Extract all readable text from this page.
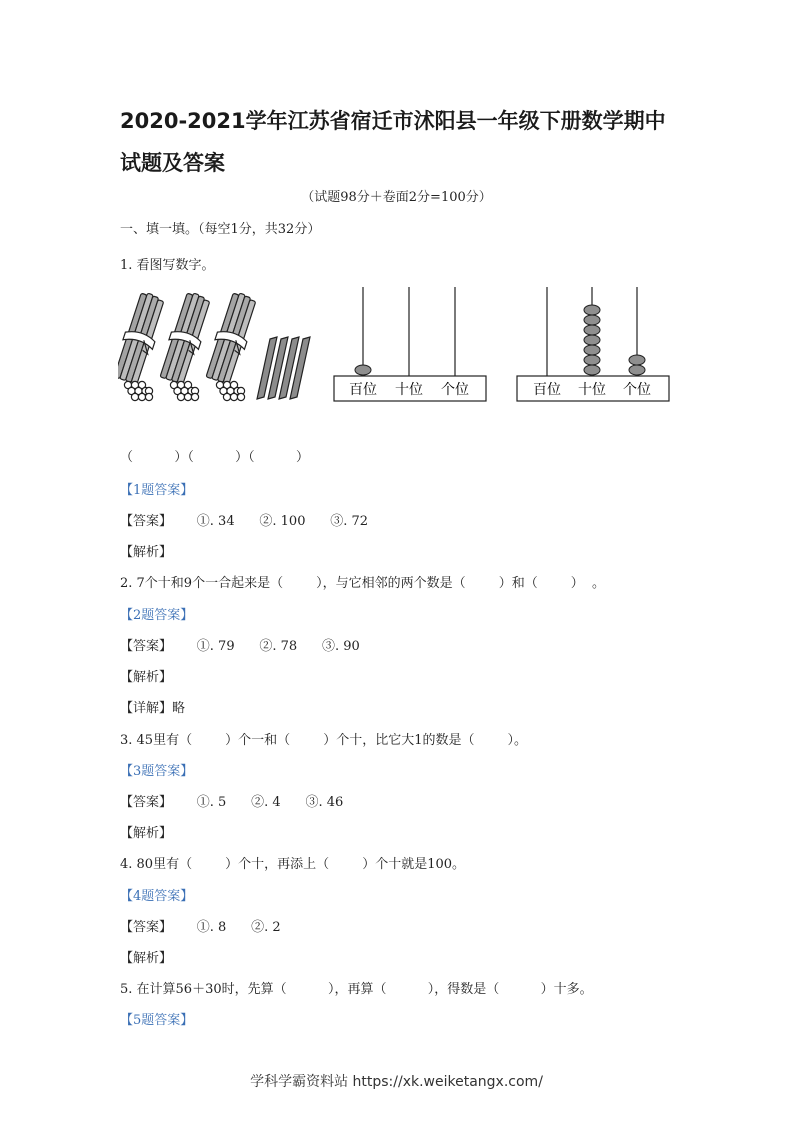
2020-2021学年江苏省宿迁市沭阳县一年级下册数学期中试题及答案
（试题98分＋卷面2分=100分）
一、填一填。（每空1分，共32分）
1. 看图写数字。
（          ）（          ）（          ）
【1题答案】
【答案】      ①. 34      ②. 100      ③. 72
【解析】
2. 7个十和9个一合起来是（        ），与它相邻的两个数是（        ）和（        ）  。
【2题答案】
【答案】      ①. 79      ②. 78      ③. 90
【解析】
【详解】略
3. 45里有（        ）个一和（        ）个十，比它大1的数是（        ）。
【3题答案】
【答案】      ①. 5      ②. 4      ③. 46
【解析】
4. 80里有（        ）个十，再添上（        ）个十就是100。
【4题答案】
【答案】      ①. 8      ②. 2
【解析】
5. 在计算56＋30时，先算（          ），再算（          ），得数是（          ）十多。
【5题答案】
百位 十位 个位	百位 十位 个位
学科学霸资料站 https://xk.weiketangx.com/
